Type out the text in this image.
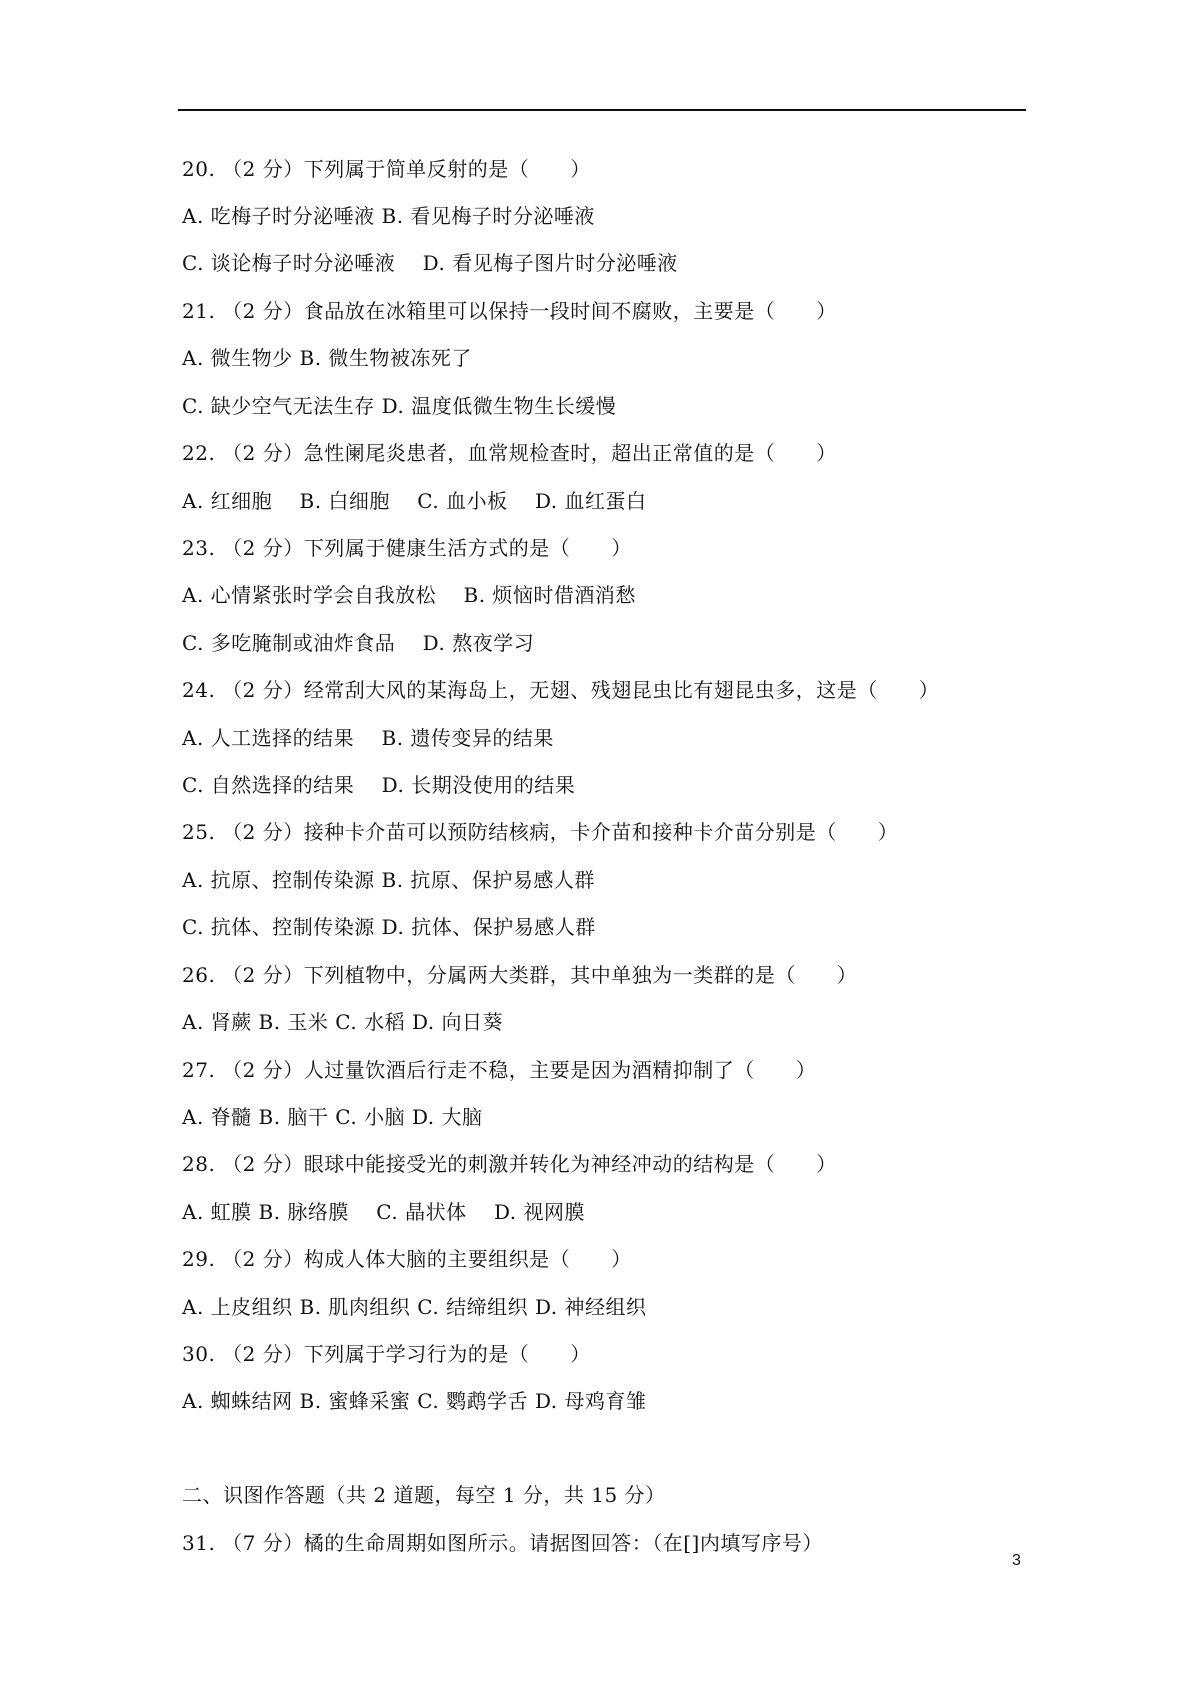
20. （2 分）下列属于简单反射的是（　　）
A. 吃梅子时分泌唾液 B. 看见梅子时分泌唾液
C. 谈论梅子时分泌唾液　 D. 看见梅子图片时分泌唾液
21. （2 分）食品放在冰箱里可以保持一段时间不腐败，主要是（　　）
A. 微生物少 B. 微生物被冻死了
C. 缺少空气无法生存 D. 温度低微生物生长缓慢
22. （2 分）急性阑尾炎患者，血常规检查时，超出正常值的是（　　）
A. 红细胞　 B. 白细胞　 C. 血小板　 D. 血红蛋白
23. （2 分）下列属于健康生活方式的是（　　）
A. 心情紧张时学会自我放松　 B. 烦恼时借酒消愁
C. 多吃腌制或油炸食品　 D. 熬夜学习
24. （2 分）经常刮大风的某海岛上，无翅、残翅昆虫比有翅昆虫多，这是（　　）
A. 人工选择的结果　 B. 遗传变异的结果
C. 自然选择的结果　 D. 长期没使用的结果
25. （2 分）接种卡介苗可以预防结核病，卡介苗和接种卡介苗分别是（　　）
A. 抗原、控制传染源 B. 抗原、保护易感人群
C. 抗体、控制传染源 D. 抗体、保护易感人群
26. （2 分）下列植物中，分属两大类群，其中单独为一类群的是（　　）
A. 肾蕨 B. 玉米 C. 水稻 D. 向日葵
27. （2 分）人过量饮酒后行走不稳，主要是因为酒精抑制了（　　）
A. 脊髓 B. 脑干 C. 小脑 D. 大脑
28. （2 分）眼球中能接受光的刺激并转化为神经冲动的结构是（　　）
A. 虹膜 B. 脉络膜　 C. 晶状体　 D. 视网膜
29. （2 分）构成人体大脑的主要组织是（　　）
A. 上皮组织 B. 肌肉组织 C. 结缔组织 D. 神经组织
30. （2 分）下列属于学习行为的是（　　）
A. 蜘蛛结网 B. 蜜蜂采蜜 C. 鹦鹉学舌 D. 母鸡育雏
二、识图作答题（共 2 道题，每空 1 分，共 15 分）
31. （7 分）橘的生命周期如图所示。请据图回答：（在[]内填写序号）
3
